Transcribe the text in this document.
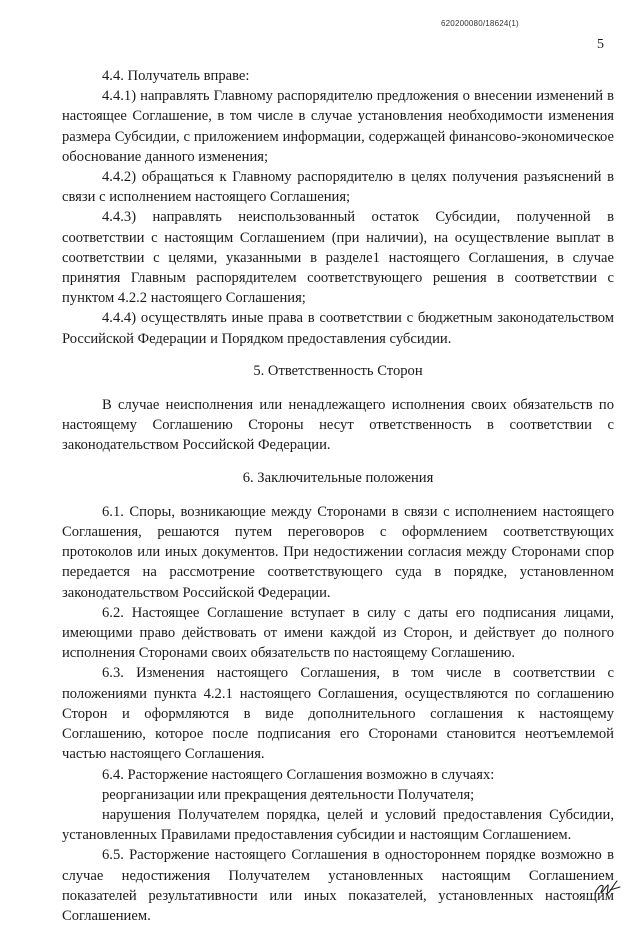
620200080/18624(1)
5

4.4. Получатель вправе:

4.4.1) направлять Главному распорядителю предложения о внесении изменений в настоящее Соглашение, в том числе в случае установления необходимости изменения размера Субсидии, с приложением информации, содержащей финансово-экономическое обоснование данного изменения;

4.4.2) обращаться к Главному распорядителю в целях получения разъяснений в связи с исполнением настоящего Соглашения;

4.4.3) направлять неиспользованный остаток Субсидии, полученной в соответствии с настоящим Соглашением (при наличии), на осуществление выплат в соответствии с целями, указанными в разделе1 настоящего Соглашения, в случае принятия Главным распорядителем соответствующего решения в соответствии с пунктом 4.2.2 настоящего Соглашения;

4.4.4) осуществлять иные права в соответствии с бюджетным законодательством Российской Федерации и Порядком предоставления субсидии.

5. Ответственность Сторон

В случае неисполнения или ненадлежащего исполнения своих обязательств по настоящему Соглашению Стороны несут ответственность в соответствии с законодательством Российской Федерации.

6. Заключительные положения

6.1. Споры, возникающие между Сторонами в связи с исполнением настоящего Соглашения, решаются путем переговоров с оформлением соответствующих протоколов или иных документов. При недостижении согласия между Сторонами спор передается на рассмотрение соответствующего суда в порядке, установленном законодательством Российской Федерации.

6.2. Настоящее Соглашение вступает в силу с даты его подписания лицами, имеющими право действовать от имени каждой из Сторон, и действует до полного исполнения Сторонами своих обязательств по настоящему Соглашению.

6.3. Изменения настоящего Соглашения, в том числе в соответствии с положениями пункта 4.2.1 настоящего Соглашения, осуществляются по соглашению Сторон и оформляются в виде дополнительного соглашения к настоящему Соглашению, которое после подписания его Сторонами становится неотъемлемой частью настоящего Соглашения.

6.4. Расторжение настоящего Соглашения возможно в случаях:

реорганизации или прекращения деятельности Получателя;

нарушения Получателем порядка, целей и условий предоставления Субсидии, установленных Правилами предоставления субсидии и настоящим Соглашением.

6.5. Расторжение настоящего Соглашения в одностороннем порядке возможно в случае недостижения Получателем установленных настоящим Соглашением показателей результативности или иных показателей, установленных настоящим Соглашением.
